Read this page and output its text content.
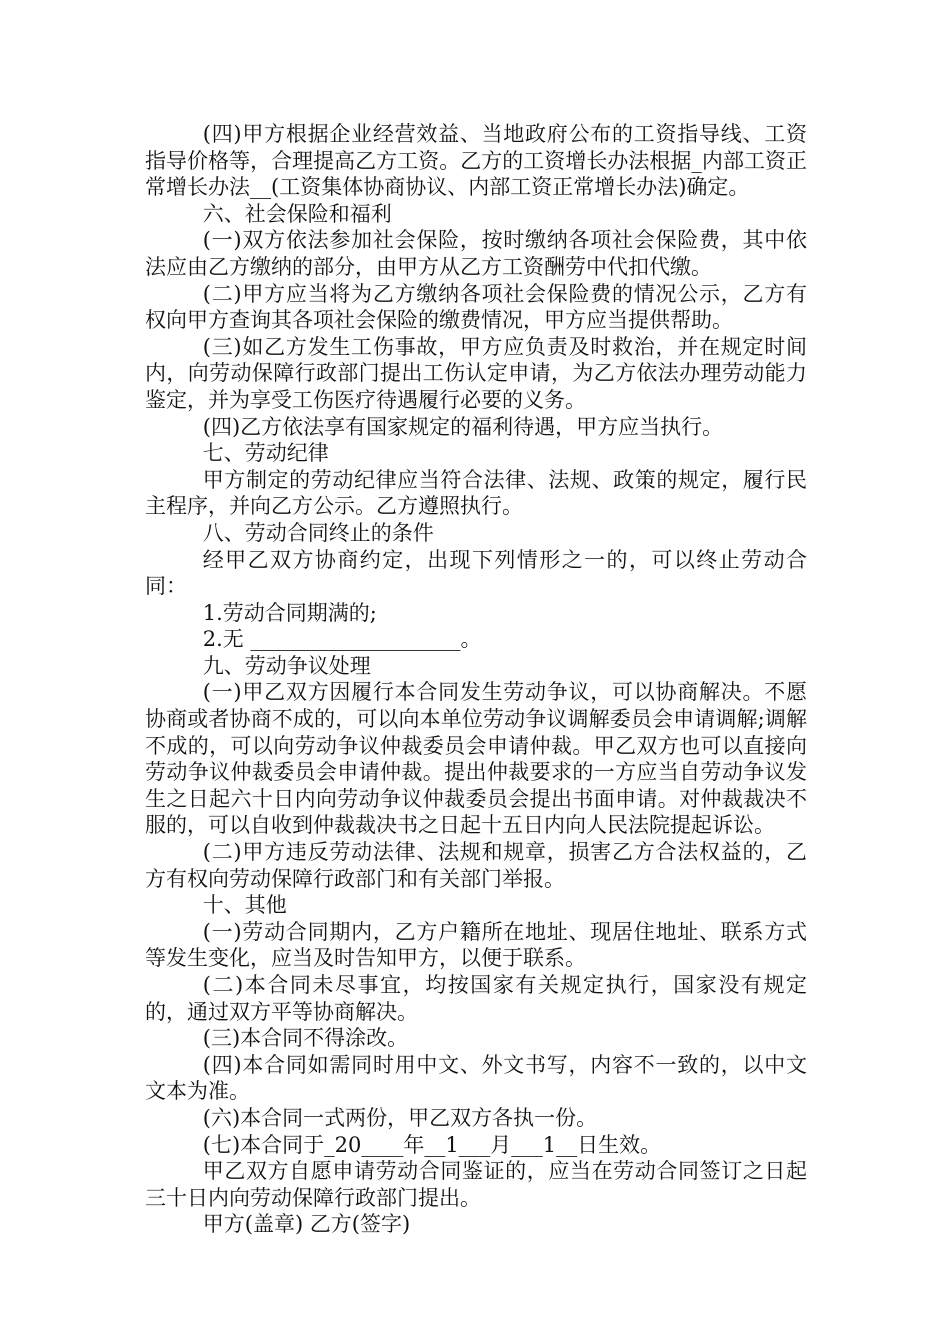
(四)甲方根据企业经营效益、当地政府公布的工资指导线、工资指导价格等，合理提高乙方工资。乙方的工资增长办法根据_内部工资正常增长办法__(工资集体协商协议、内部工资正常增长办法)确定。

六、社会保险和福利

(一)双方依法参加社会保险，按时缴纳各项社会保险费，其中依法应由乙方缴纳的部分，由甲方从乙方工资酬劳中代扣代缴。

(二)甲方应当将为乙方缴纳各项社会保险费的情况公示，乙方有权向甲方查询其各项社会保险的缴费情况，甲方应当提供帮助。

(三)如乙方发生工伤事故，甲方应负责及时救治，并在规定时间内，向劳动保障行政部门提出工伤认定申请，为乙方依法办理劳动能力鉴定，并为享受工伤医疗待遇履行必要的义务。

(四)乙方依法享有国家规定的福利待遇，甲方应当执行。

七、劳动纪律

甲方制定的劳动纪律应当符合法律、法规、政策的规定，履行民主程序，并向乙方公示。乙方遵照执行。

八、劳动合同终止的条件

经甲乙双方协商约定，出现下列情形之一的，可以终止劳动合同：

1.劳动合同期满的;

2.无 ____________________。

九、劳动争议处理

(一)甲乙双方因履行本合同发生劳动争议，可以协商解决。不愿协商或者协商不成的，可以向本单位劳动争议调解委员会申请调解;调解不成的，可以向劳动争议仲裁委员会申请仲裁。甲乙双方也可以直接向劳动争议仲裁委员会申请仲裁。提出仲裁要求的一方应当自劳动争议发生之日起六十日内向劳动争议仲裁委员会提出书面申请。对仲裁裁决不服的，可以自收到仲裁裁决书之日起十五日内向人民法院提起诉讼。

(二)甲方违反劳动法律、法规和规章，损害乙方合法权益的，乙方有权向劳动保障行政部门和有关部门举报。

十、其他

(一)劳动合同期内，乙方户籍所在地址、现居住地址、联系方式等发生变化，应当及时告知甲方，以便于联系。

(二)本合同未尽事宜，均按国家有关规定执行，国家没有规定的，通过双方平等协商解决。

(三)本合同不得涂改。

(四)本合同如需同时用中文、外文书写，内容不一致的，以中文文本为准。

(六)本合同一式两份，甲乙双方各执一份。

(七)本合同于_20____年__1___月___1__日生效。

甲乙双方自愿申请劳动合同鉴证的，应当在劳动合同签订之日起三十日内向劳动保障行政部门提出。

甲方(盖章) 乙方(签字)
